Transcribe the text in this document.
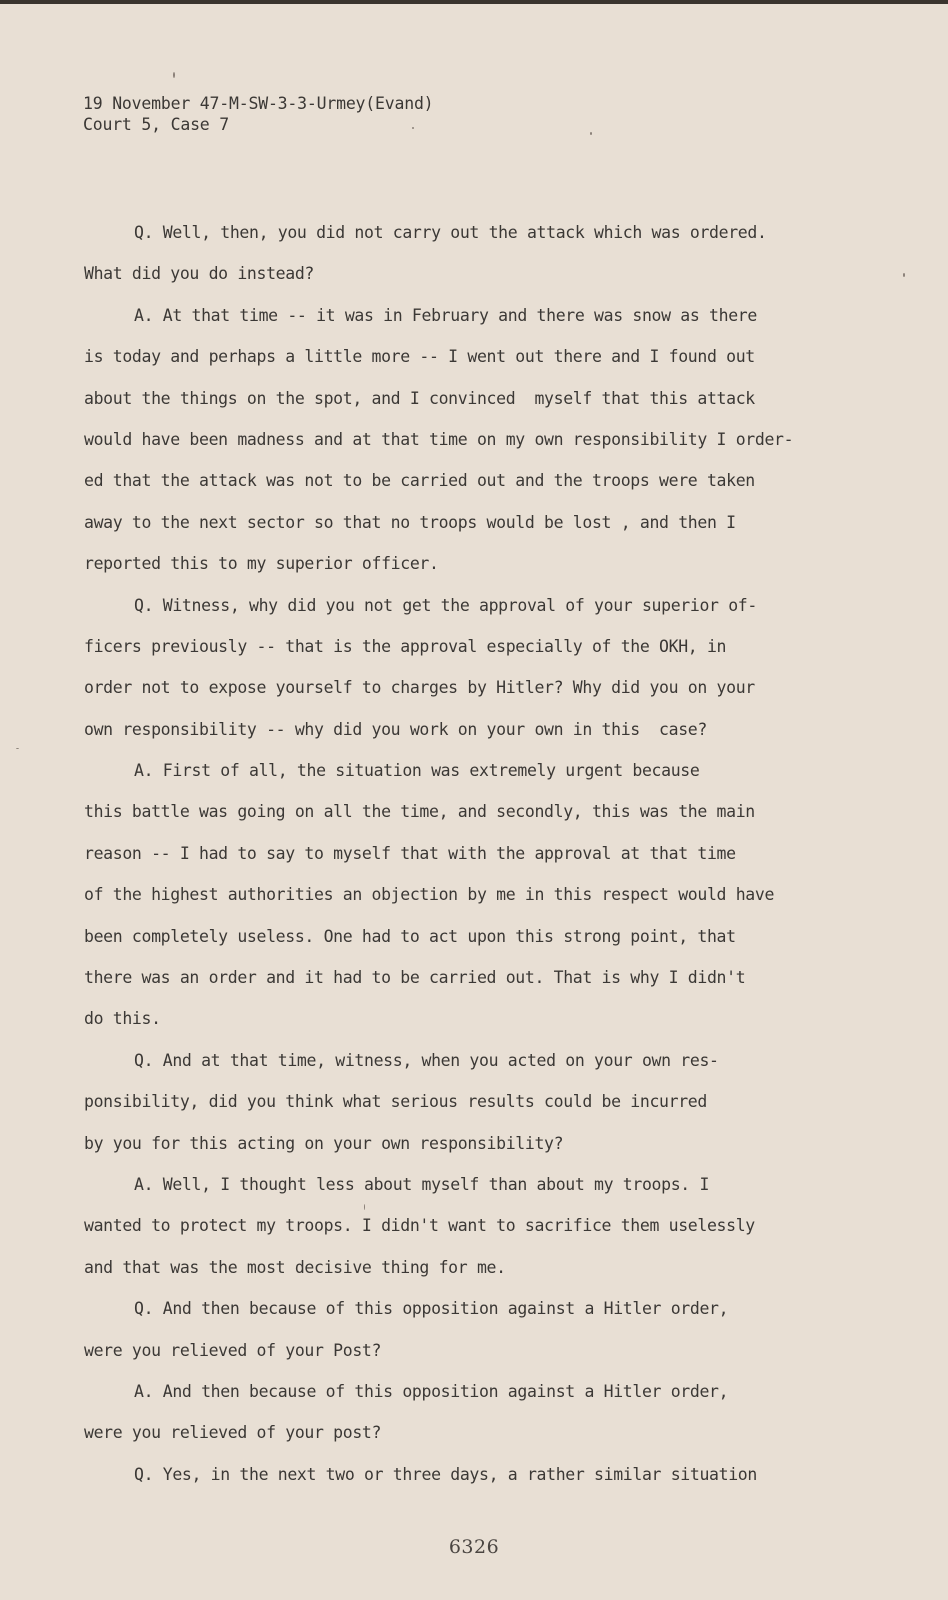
19 November 47-M-SW-3-3-Urmey(Evand)
Court 5, Case 7
Q. Well, then, you did not carry out the attack which was ordered.
What did you do instead?
A. At that time -- it was in February and there was snow as there
is today and perhaps a little more -- I went out there and I found out
about the things on the spot, and I convinced  myself that this attack
would have been madness and at that time on my own responsibility I order-
ed that the attack was not to be carried out and the troops were taken
away to the next sector so that no troops would be lost , and then I
reported this to my superior officer.
Q. Witness, why did you not get the approval of your superior of-
ficers previously -- that is the approval especially of the OKH, in
order not to expose yourself to charges by Hitler? Why did you on your
own responsibility -- why did you work on your own in this  case?
A. First of all, the situation was extremely urgent because
this battle was going on all the time, and secondly, this was the main
reason -- I had to say to myself that with the approval at that time
of the highest authorities an objection by me in this respect would have
been completely useless. One had to act upon this strong point, that
there was an order and it had to be carried out. That is why I didn't
do this.
Q. And at that time, witness, when you acted on your own res-
ponsibility, did you think what serious results could be incurred
by you for this acting on your own responsibility?
A. Well, I thought less about myself than about my troops. I
wanted to protect my troops. I didn't want to sacrifice them uselessly
and that was the most decisive thing for me.
Q. And then because of this opposition against a Hitler order,
were you relieved of your Post?
A. And then because of this opposition against a Hitler order,
were you relieved of your post?
Q. Yes, in the next two or three days, a rather similar situation
6326
